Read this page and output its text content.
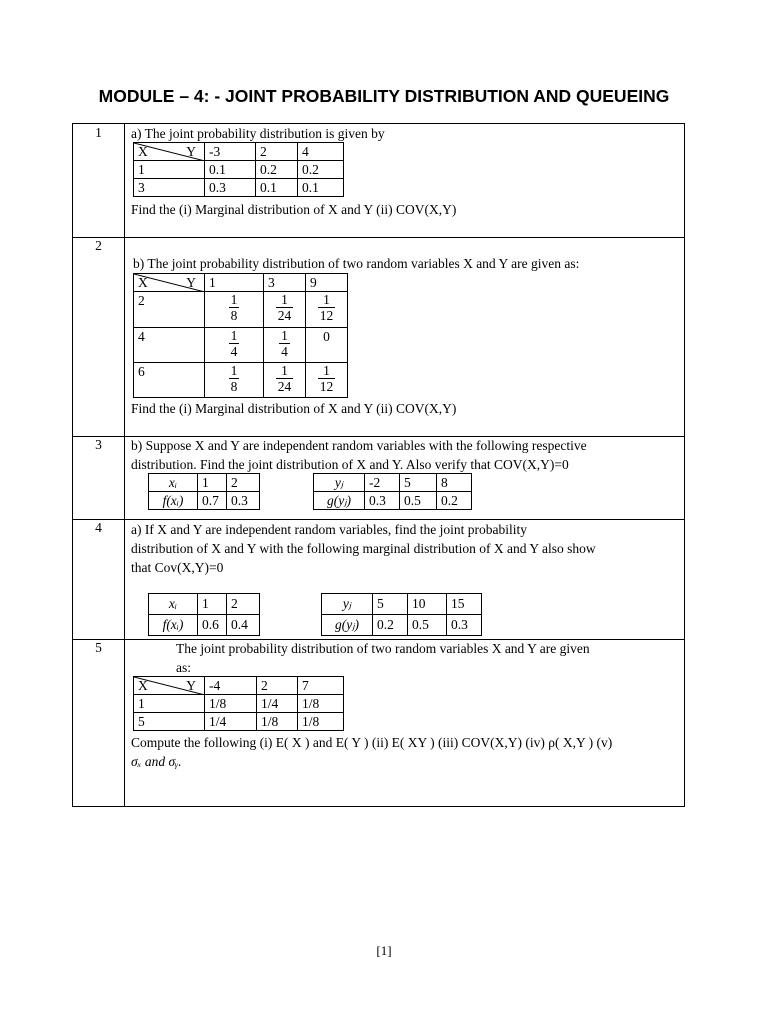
MODULE – 4: - JOINT PROBABILITY DISTRIBUTION AND QUEUEING
1	a) The joint probability distribution is given by
X Y	-3	2	4
1	0.1	0.2	0.2
3	0.3	0.1	0.1
Find the (i) Marginal distribution of X and Y (ii) COV(X,Y)
2
b) The joint probability distribution of two random variables X and Y are given as:
X Y	1	3	9
2	$\frac{1}{8}$	$\frac{1}{24}$	$\frac{1}{12}$

4	$\frac{1}{4}$	$\frac{1}{4}$	0
6	$\frac{1}{8}$	$\frac{1}{24}$	$\frac{1}{12}$
Find the (i) Marginal distribution of X and Y (ii) COV(X,Y)
3	b) Suppose X and Y are independent random variables with the following respective
distribution. Find the joint distribution of X and Y. Also verify that COV(X,Y)=0
xᵢ	1	2
f(xᵢ)	0.7	0.3
yⱼ	-2	5	8
g(yⱼ)	0.3	0.5	0.2
4	a) If X and Y are independent random variables, find the joint probability
distribution of X and Y with the following marginal distribution of X and Y also show
that Cov(X,Y)=0
xᵢ	1	2
f(xᵢ)	0.6	0.4
yⱼ	5	10	15
g(yⱼ)	0.2	0.5	0.3
5	The joint probability distribution of two random variables X and Y are given
as:
X Y	-4	2	7
1	1/8	1/4	1/8
5	1/4	1/8	1/8
Compute the following (i) E( X ) and E( Y ) (ii) E( XY ) (iii) COV(X,Y) (iv) ρ( X,Y ) (v)
σₓ and σᵧ.
[1]
